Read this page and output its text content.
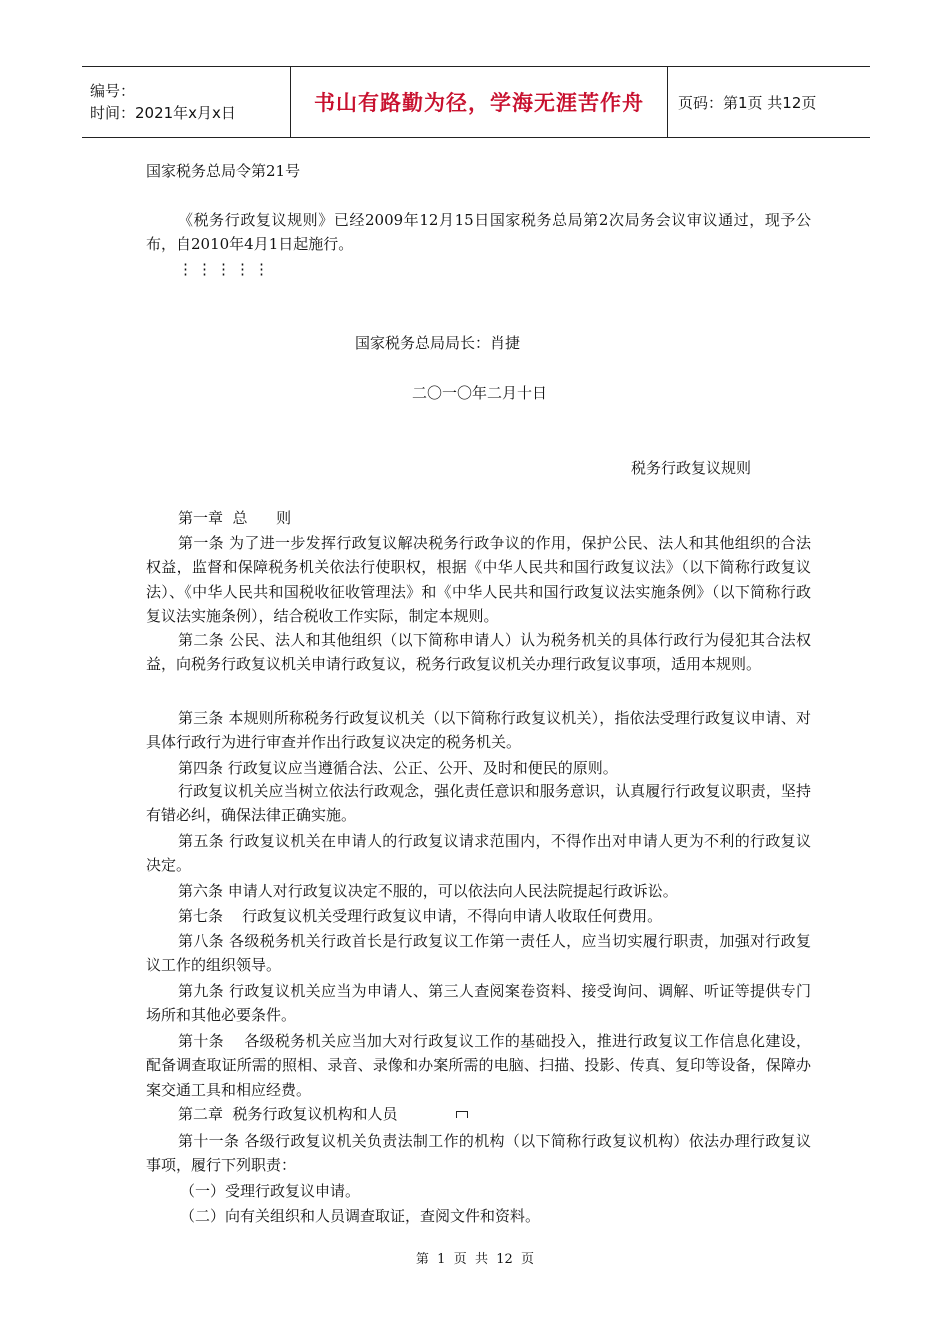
编号：
时间：2021年x月x日	书山有路勤为径，学海无涯苦作舟 页码：第1页 共12页
国家税务总局令第21号
《税务行政复议规则》已经2009年12月15日国家税务总局第2次局务会议审议通过，现予公布，自2010年4月1日起施行。
⋮⋮⋮⋮⋮
国家税务总局局长：肖捷
二〇一〇年二月十日
税务行政复议规则
第一章  总      则
第一条 为了进一步发挥行政复议解决税务行政争议的作用，保护公民、法人和其他组织的合法权益，监督和保障税务机关依法行使职权，根据《中华人民共和国行政复议法》（以下简称行政复议法）、《中华人民共和国税收征收管理法》和《中华人民共和国行政复议法实施条例》（以下简称行政复议法实施条例），结合税收工作实际，制定本规则。
第二条 公民、法人和其他组织（以下简称申请人）认为税务机关的具体行政行为侵犯其合法权益，向税务行政复议机关申请行政复议，税务行政复议机关办理行政复议事项，适用本规则。
第三条 本规则所称税务行政复议机关（以下简称行政复议机关），指依法受理行政复议申请、对具体行政行为进行审查并作出行政复议决定的税务机关。
第四条 行政复议应当遵循合法、公正、公开、及时和便民的原则。
行政复议机关应当树立依法行政观念，强化责任意识和服务意识，认真履行行政复议职责，坚持有错必纠，确保法律正确实施。
第五条 行政复议机关在申请人的行政复议请求范围内，不得作出对申请人更为不利的行政复议决定。
第六条 申请人对行政复议决定不服的，可以依法向人民法院提起行政诉讼。
第七条    行政复议机关受理行政复议申请，不得向申请人收取任何费用。
第八条 各级税务机关行政首长是行政复议工作第一责任人，应当切实履行职责，加强对行政复议工作的组织领导。
第九条 行政复议机关应当为申请人、第三人查阅案卷资料、接受询问、调解、听证等提供专门场所和其他必要条件。
第十条    各级税务机关应当加大对行政复议工作的基础投入，推进行政复议工作信息化建设，配备调查取证所需的照相、录音、录像和办案所需的电脑、扫描、投影、传真、复印等设备，保障办案交通工具和相应经费。
第二章  税务行政复议机构和人员
第十一条 各级行政复议机关负责法制工作的机构（以下简称行政复议机构）依法办理行政复议事项，履行下列职责：
（一）受理行政复议申请。
（二）向有关组织和人员调查取证，查阅文件和资料。
第  1  页  共  12  页
